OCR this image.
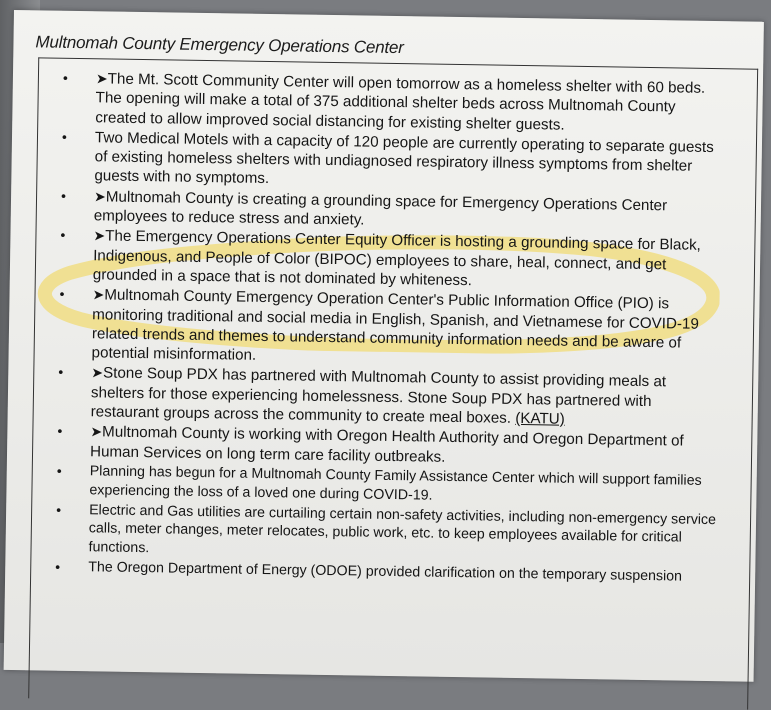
Multnomah County Emergency Operations Center
• ➤The Mt. Scott Community Center will open tomorrow as a homeless shelter with 60 beds. The opening will make a total of 375 additional shelter beds across Multnomah County created to allow improved social distancing for existing shelter guests.
• Two Medical Motels with a capacity of 120 people are currently operating to separate guests of existing homeless shelters with undiagnosed respiratory illness symptoms from shelter guests with no symptoms.
• ➤Multnomah County is creating a grounding space for Emergency Operations Center employees to reduce stress and anxiety.
• ➤The Emergency Operations Center Equity Officer is hosting a grounding space for Black, Indigenous, and People of Color (BIPOC) employees to share, heal, connect, and get grounded in a space that is not dominated by whiteness.
• ➤Multnomah County Emergency Operation Center's Public Information Office (PIO) is monitoring traditional and social media in English, Spanish, and Vietnamese for COVID-19 related trends and themes to understand community information needs and be aware of potential misinformation.
• ➤Stone Soup PDX has partnered with Multnomah County to assist providing meals at shelters for those experiencing homelessness. Stone Soup PDX has partnered with restaurant groups across the community to create meal boxes. (KATU)
• ➤Multnomah County is working with Oregon Health Authority and Oregon Department of Human Services on long term care facility outbreaks.
• Planning has begun for a Multnomah County Family Assistance Center which will support families experiencing the loss of a loved one during COVID-19.
• Electric and Gas utilities are curtailing certain non-safety activities, including non-emergency service calls, meter changes, meter relocates, public work, etc. to keep employees available for critical functions.
• The Oregon Department of Energy (ODOE) provided clarification on the temporary suspension
